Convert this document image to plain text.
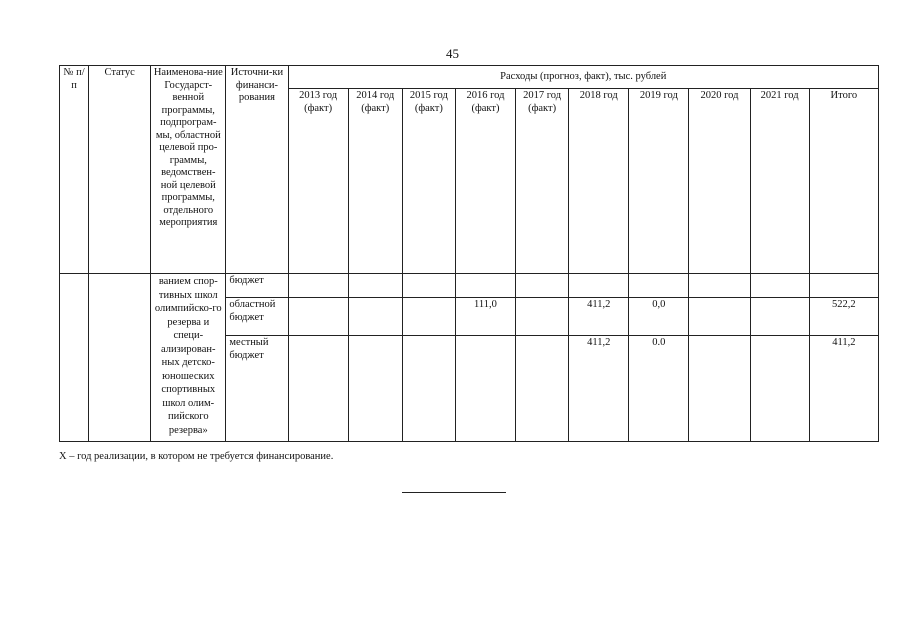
45
№ п/п	Статус	Наименова-ние Государст-венной программы, подпрограм-мы, областной целевой про-граммы, ведомствен-ной целевой программы, отдельного мероприятия	Источни-ки финанси-рования	Расходы (прогноз, факт), тыс. рублей									
				2013 год (факт)	2014 год (факт)	2015 год (факт)	2016 год (факт)	2017 год (факт)	2018 год	2019 год	2020 год	2021 год	Итого
		ванием спор-тивных школ олимпийско-го резерва и специ-ализирован-ных детско-юношеских спортивных школ олим-пийского резерва»	бюджет										
			областной бюджет				111,0		411,2	0,0			522,2
			местный бюджет						411,2	0.0			411,2
Х – год реализации, в котором не требуется финансирование.
